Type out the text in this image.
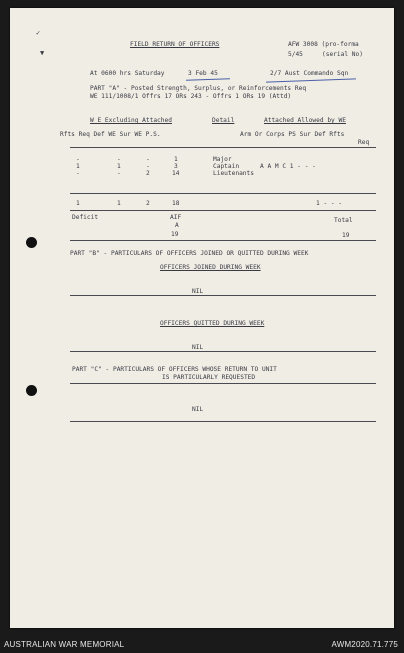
FIELD RETURN OF OFFICERS	AFW 3008 (pro-forma
5/45	(serial No)
At 0600 hrs Saturday	3 Feb 45	2/7 Aust Commando Sqn
PART "A" - Posted Strength, Surplus, or Reinforcements Req
WE 111/1008/1 Offrs 17 ORs 243 - Offrs 1 ORs 19 (Attd)
W E Excluding Attached	Detail	Attached Allowed by WE
Rfts Req Def WE Sur WE P.S.	Arm Or Corps PS Sur Def Rfts
Req
-	-	-	1	Major
1	1	-	3	Captain	A A M C 1 - - -
-	-	2	14	Lieutenants
1	1	2	18	1 - - -
Deficit	AIF
A
19
Total
19
PART "B" - PARTICULARS OF OFFICERS JOINED OR QUITTED DURING WEEK
OFFICERS JOINED DURING WEEK
NIL
OFFICERS QUITTED DURING WEEK
NIL
PART "C" - PARTICULARS OF OFFICERS WHOSE RETURN TO UNIT
IS PARTICULARLY REQUESTED
NIL
✓
▼
AUSTRALIAN WAR MEMORIAL	AWM2020.71.775
